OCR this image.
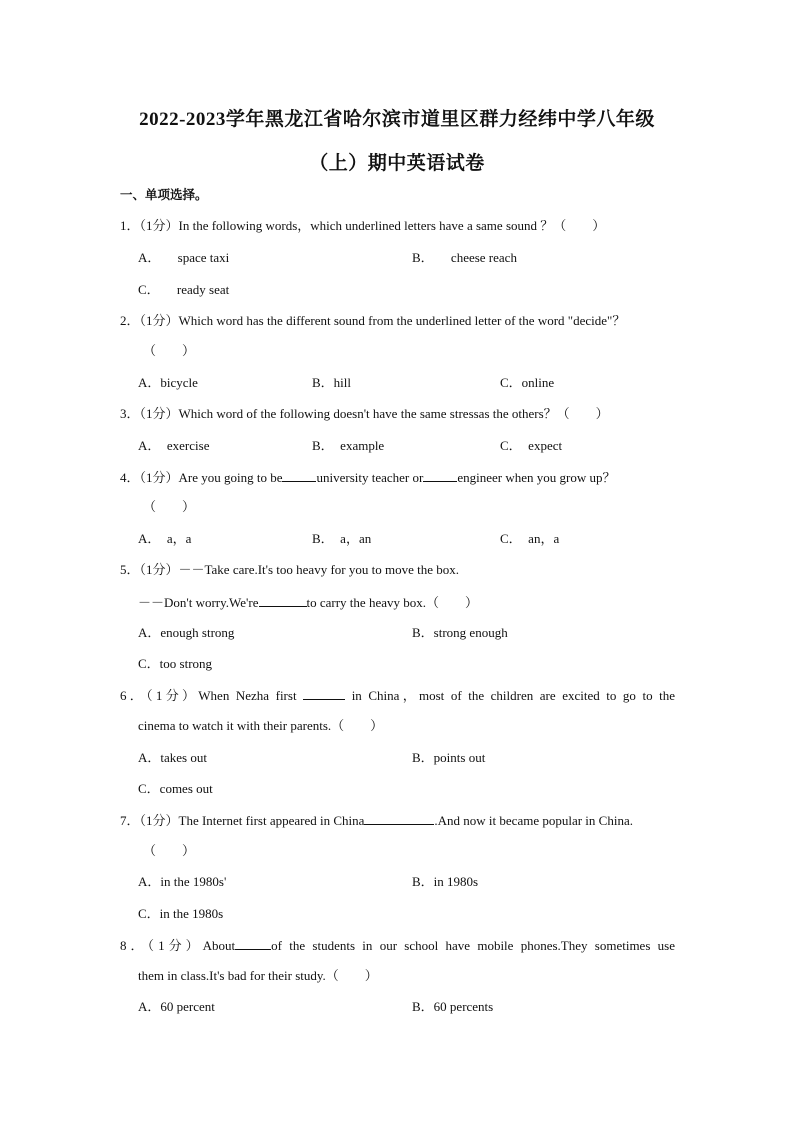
2022-2023学年黑龙江省哈尔滨市道里区群力经纬中学八年级
（上）期中英语试卷
一、单项选择。
1．（1分）In the following words，which underlined letters have a same sound ？（　　）
A． space taxi	B． cheese reach
C． ready seat
2．（1分）Which word has the different sound from the underlined letter of the word "decide"？
（　　）
A．bicycle	B．hill	C．online
3．（1分）Which word of the following doesn't have the same stressas the others？（　　）
A．　exercise	B．　example	C．　expect
4．（1分）Are you going to be	university teacher or	engineer when you grow up？
（　　）
A．　a，a	B．　a，an	C．　an，a
5．（1分）－－Take care.It's too heavy for you to move the box.
－－Don't worry.We're	to carry the heavy box.（　　）
A．enough strong	B．strong enough
C．too strong
6．（1分）When Nezha first	in China，most of the children are excited to go to the
cinema to watch it with their parents.（　　）
A．takes out	B．points out
C．comes out
7．（1分）The Internet first appeared in China	.And now it became popular in China.
（　　）
A．in the 1980s'	B．in 1980s
C．in the 1980s
8．（1分）About	of the students in our school have mobile phones.They sometimes use
them in class.It's bad for their study.（　　）
A．60 percent	B．60 percents
